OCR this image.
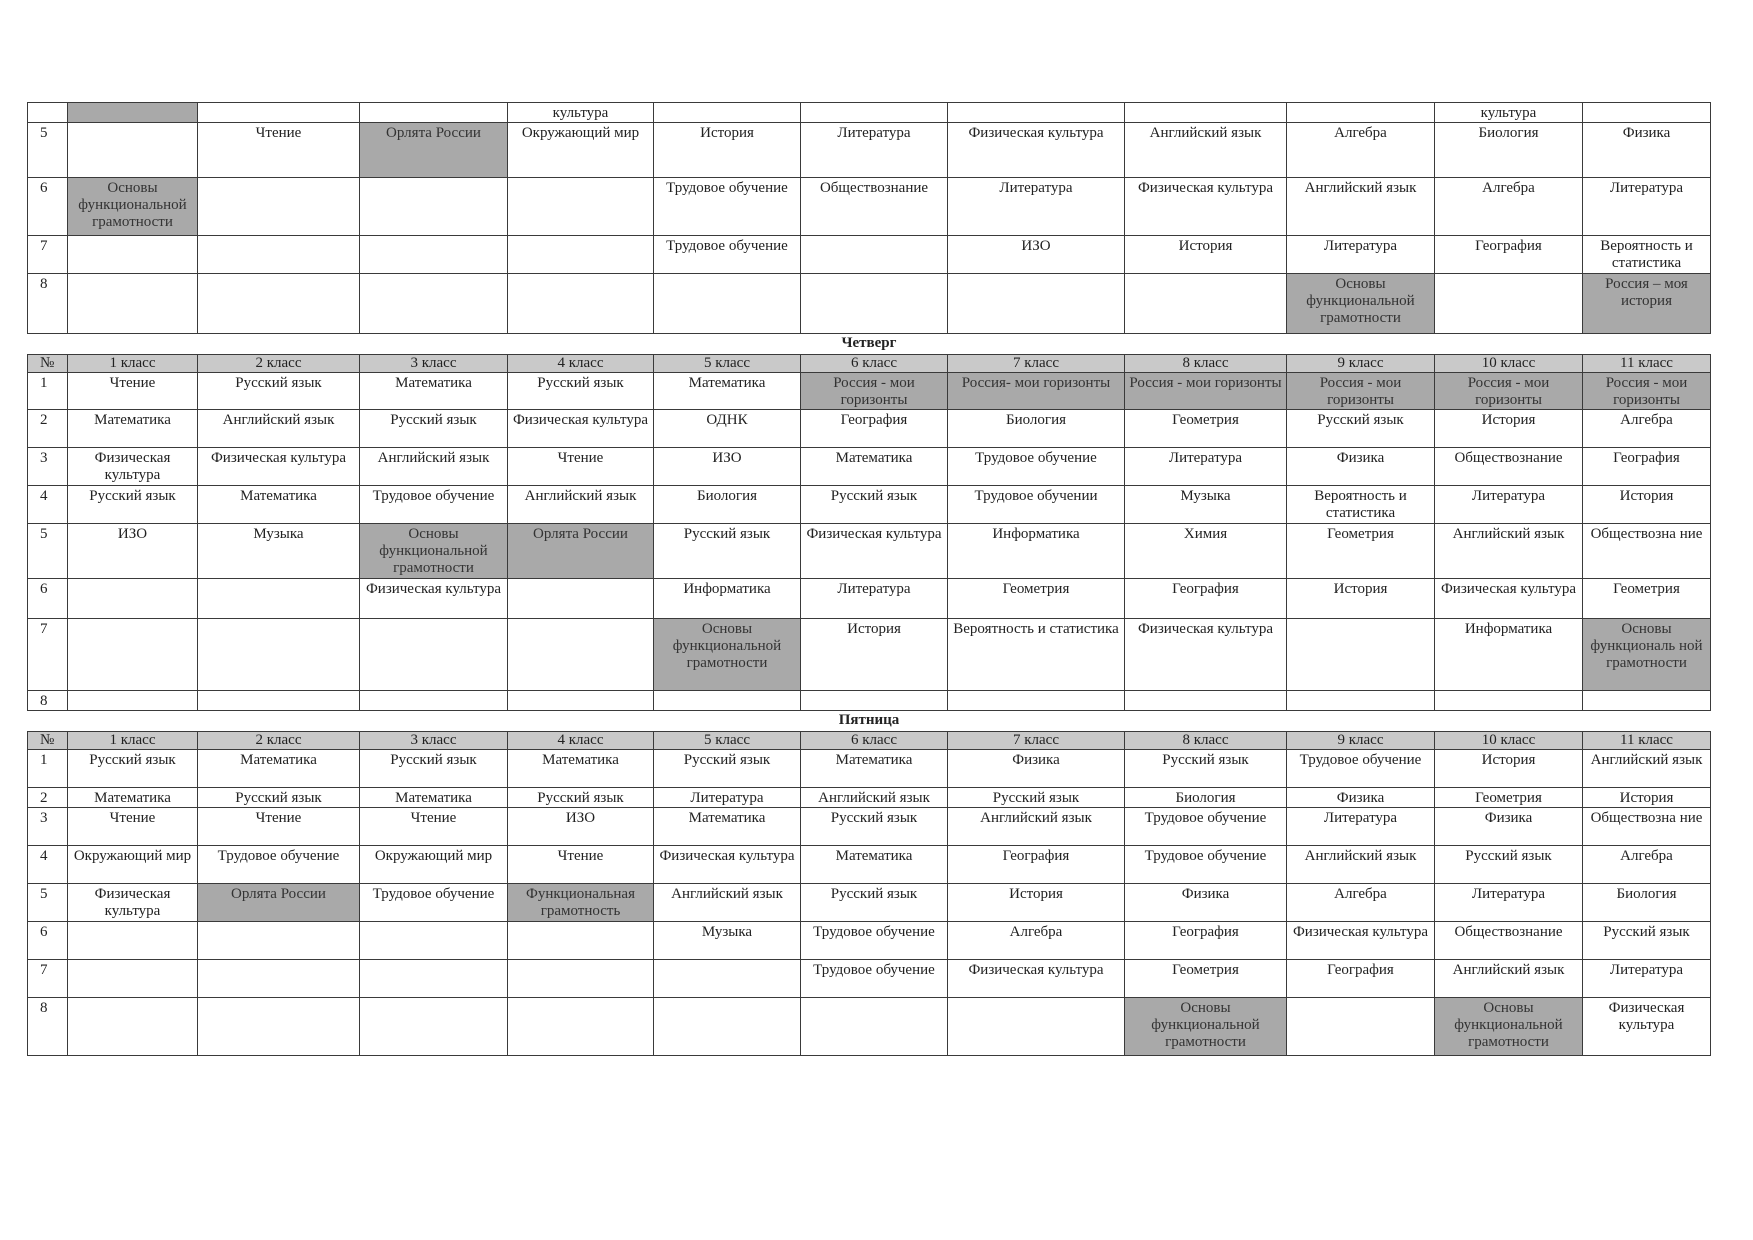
				культура						культура	
5		Чтение	Орлята России	Окружающий мир	История	Литература	Физическая культура	Английский язык	Алгебра	Биология	Физика
6	Основы функциональной грамотности				Трудовое обучение	Обществознание	Литература	Физическая культура	Английский язык	Алгебра	Литература
7					Трудовое обучение		ИЗО	История	Литература	География	Вероятность и статистика
8									Основы функциональной грамотности		Россия – моя история
Четверг											
№	1 класс	2 класс	3 класс	4 класс	5 класс	6 класс	7 класс	8 класс	9 класс	10 класс	11 класс
1	Чтение	Русский язык	Математика	Русский язык	Математика	Россия - мои горизонты	Россия- мои горизонты	Россия - мои горизонты	Россия - мои горизонты	Россия - мои горизонты	Россия - мои горизонты
2	Математика	Английский язык	Русский язык	Физическая культура	ОДНК	География	Биология	Геометрия	Русский язык	История	Алгебра
3	Физическая культура	Физическая культура	Английский язык	Чтение	ИЗО	Математика	Трудовое обучение	Литература	Физика	Обществознание	География
4	Русский язык	Математика	Трудовое обучение	Английский язык	Биология	Русский язык	Трудовое обучении	Музыка	Вероятность и статистика	Литература	История
5	ИЗО	Музыка	Основы функциональной грамотности	Орлята России	Русский язык	Физическая культура	Информатика	Химия	Геометрия	Английский язык	Обществозна ние
6			Физическая культура		Информатика	Литература	Геометрия	География	История	Физическая культура	Геометрия
7					Основы функциональной грамотности	История	Вероятность и статистика	Физическая культура		Информатика	Основы функциональ ной грамотности
8											
Пятница											
№	1 класс	2 класс	3 класс	4 класс	5 класс	6 класс	7 класс	8 класс	9 класс	10 класс	11 класс
1	Русский язык	Математика	Русский язык	Математика	Русский язык	Математика	Физика	Русский язык	Трудовое обучение	История	Английский язык
2	Математика	Русский язык	Математика	Русский язык	Литература	Английский язык	Русский язык	Биология	Физика	Геометрия	История
3	Чтение	Чтение	Чтение	ИЗО	Математика	Русский язык	Английский язык	Трудовое обучение	Литература	Физика	Обществозна ние
4	Окружающий мир	Трудовое обучение	Окружающий мир	Чтение	Физическая культура	Математика	География	Трудовое обучение	Английский язык	Русский язык	Алгебра
5	Физическая культура	Орлята России	Трудовое обучение	Функциональная грамотность	Английский язык	Русский язык	История	Физика	Алгебра	Литература	Биология
6					Музыка	Трудовое обучение	Алгебра	География	Физическая культура	Обществознание	Русский язык
7						Трудовое обучение	Физическая культура	Геометрия	География	Английский язык	Литература
8								Основы функциональной грамотности		Основы функциональной грамотности	Физическая культура
